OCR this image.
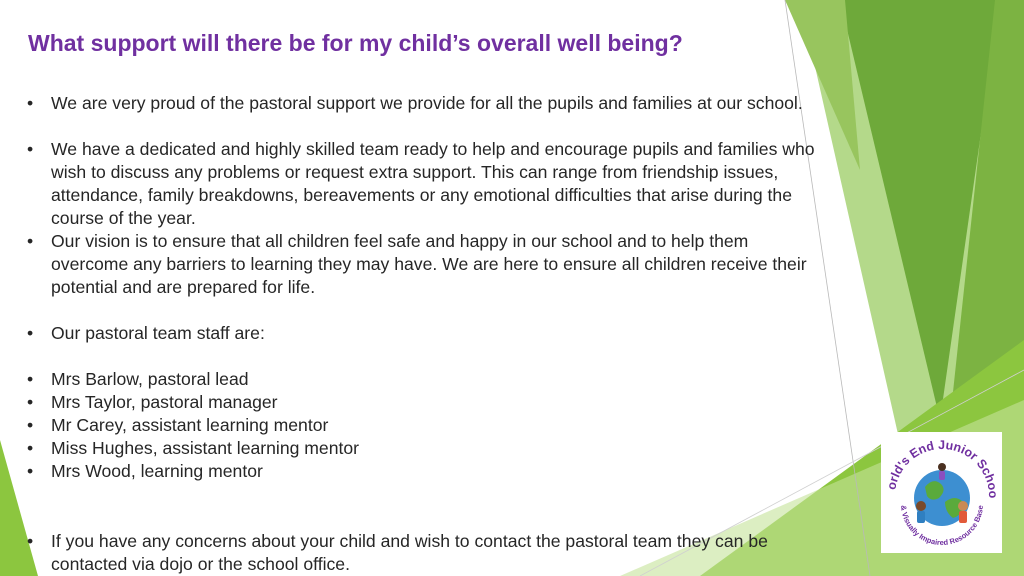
What support will there be for my child’s overall well being?
•	We are very proud of the pastoral support we provide for all the pupils and families at our school.
•	We have a dedicated and highly skilled team ready to help and encourage pupils and families who wish to discuss any problems or request extra support. This can range from friendship issues, attendance, family breakdowns, bereavements or any emotional difficulties that arise during the course of the year.
•	Our vision is to ensure that all children feel safe and happy in our school and to help them overcome any barriers to learning they may have. We are here to ensure all children receive their potential and are prepared for life.
•	Our pastoral team staff are:
•	Mrs Barlow, pastoral lead
•	Mrs Taylor, pastoral manager
•	Mr Carey, assistant learning mentor
•	Miss Hughes, assistant learning mentor
•	Mrs Wood, learning mentor
•	If you have any concerns about your child and wish to contact the pastoral team they can be contacted via dojo or the school office.
orld's End Junior Schoo
& Visually Impaired Resource Base
